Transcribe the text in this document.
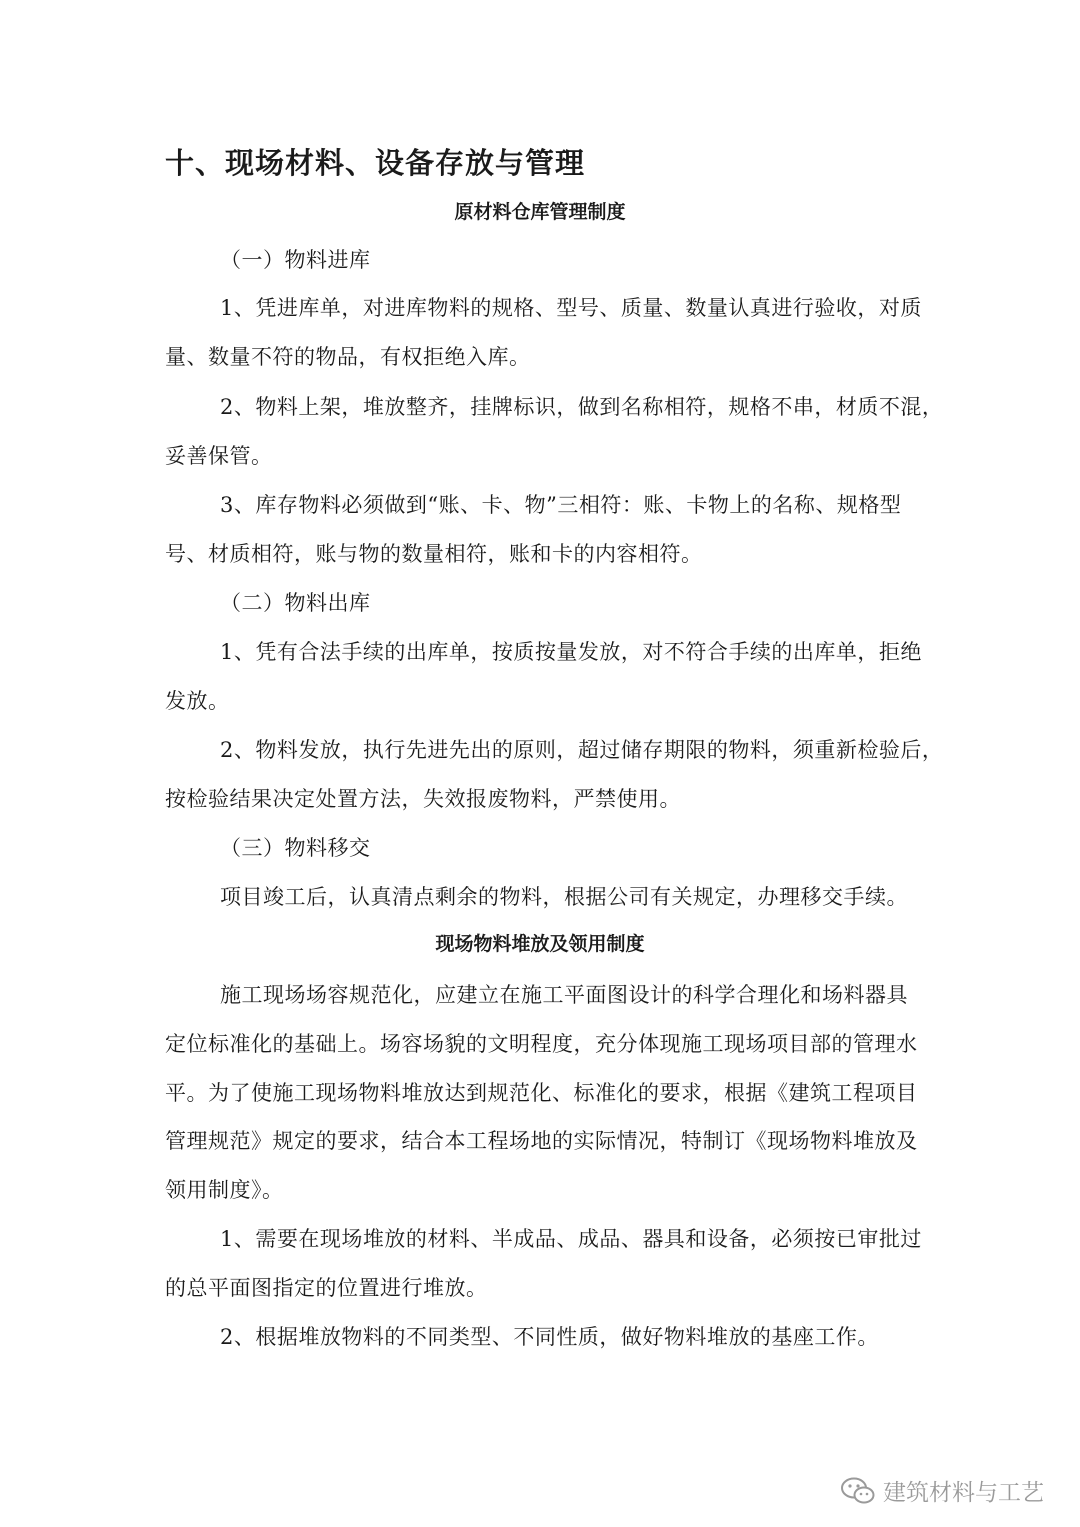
十、现场材料、设备存放与管理
原材料仓库管理制度
（一）物料进库
1、凭进库单，对进库物料的规格、型号、质量、数量认真进行验收，对质
量、数量不符的物品，有权拒绝入库。
2、物料上架，堆放整齐，挂牌标识，做到名称相符，规格不串，材质不混，
妥善保管。
3、库存物料必须做到“账、卡、物”三相符：账、卡物上的名称、规格型
号、材质相符，账与物的数量相符，账和卡的内容相符。
（二）物料出库
1、凭有合法手续的出库单，按质按量发放，对不符合手续的出库单，拒绝
发放。
2、物料发放，执行先进先出的原则，超过储存期限的物料，须重新检验后，
按检验结果决定处置方法，失效报废物料，严禁使用。
（三）物料移交
项目竣工后，认真清点剩余的物料，根据公司有关规定，办理移交手续。
现场物料堆放及领用制度
施工现场场容规范化，应建立在施工平面图设计的科学合理化和场料器具
定位标准化的基础上。场容场貌的文明程度，充分体现施工现场项目部的管理水
平。为了使施工现场物料堆放达到规范化、标准化的要求，根据《建筑工程项目
管理规范》规定的要求，结合本工程场地的实际情况，特制订《现场物料堆放及
领用制度》。
1、需要在现场堆放的材料、半成品、成品、器具和设备，必须按已审批过
的总平面图指定的位置进行堆放。
2、根据堆放物料的不同类型、不同性质，做好物料堆放的基座工作。
建筑材料与工艺
